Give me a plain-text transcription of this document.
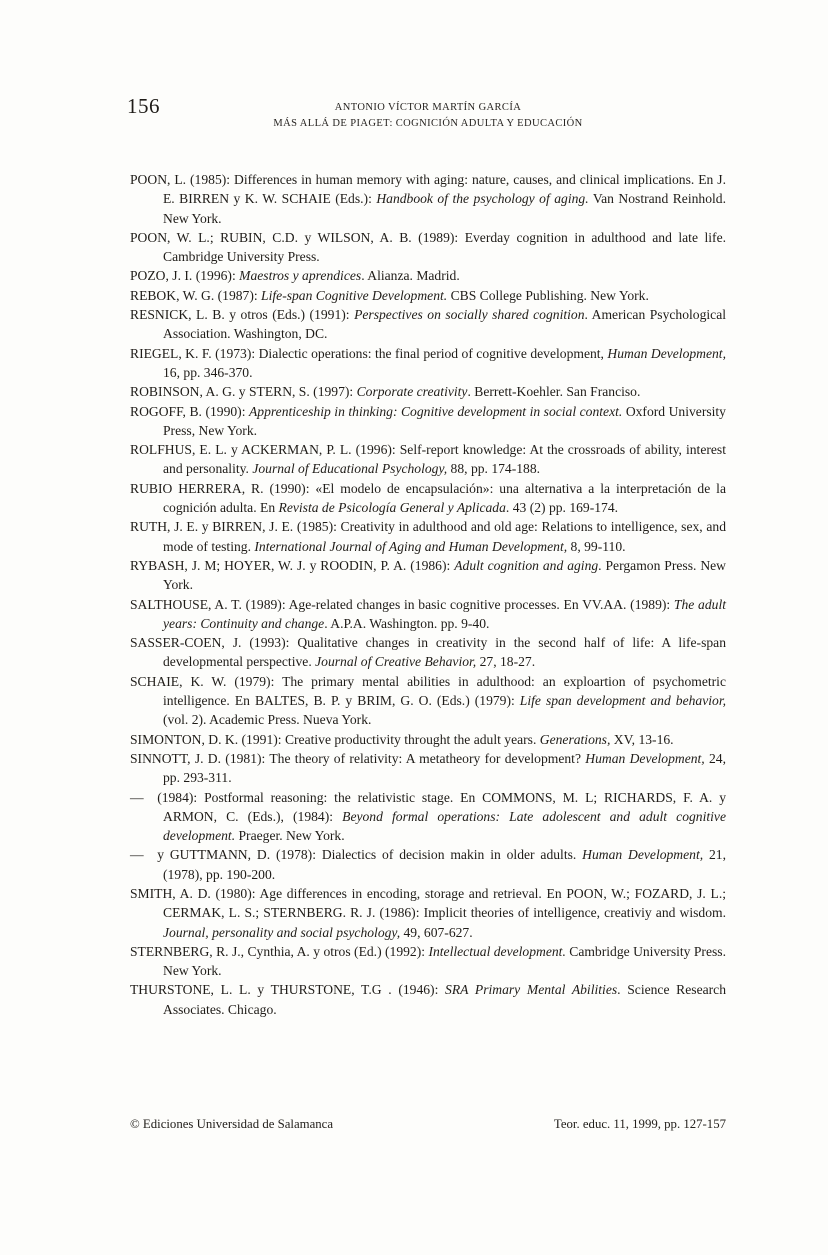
156	ANTONIO VÍCTOR MARTÍN GARCÍA
MÁS ALLÁ DE PIAGET: COGNICIÓN ADULTA Y EDUCACIÓN

POON, L. (1985): Differences in human memory with aging: nature, causes, and clinical implications. En J. E. BIRREN y K. W. SCHAIE (Eds.): Handbook of the psychology of aging. Van Nostrand Reinhold. New York.

POON, W. L.; RUBIN, C.D. y WILSON, A. B. (1989): Everday cognition in adulthood and late life. Cambridge University Press.

POZO, J. I. (1996): Maestros y aprendices. Alianza. Madrid.

REBOK, W. G. (1987): Life-span Cognitive Development. CBS College Publishing. New York.

RESNICK, L. B. y otros (Eds.) (1991): Perspectives on socially shared cognition. American Psychological Association. Washington, DC.

RIEGEL, K. F. (1973): Dialectic operations: the final period of cognitive development, Human Development, 16, pp. 346-370.

ROBINSON, A. G. y STERN, S. (1997): Corporate creativity. Berrett-Koehler. San Franciso.

ROGOFF, B. (1990): Apprenticeship in thinking: Cognitive development in social context. Oxford University Press, New York.

ROLFHUS, E. L. y ACKERMAN, P. L. (1996): Self-report knowledge: At the crossroads of ability, interest and personality. Journal of Educational Psychology, 88, pp. 174-188.

RUBIO HERRERA, R. (1990): «El modelo de encapsulación»: una alternativa a la interpretación de la cognición adulta. En Revista de Psicología General y Aplicada. 43 (2) pp. 169-174.

RUTH, J. E. y BIRREN, J. E. (1985): Creativity in adulthood and old age: Relations to intelligence, sex, and mode of testing. International Journal of Aging and Human Development, 8, 99-110.

RYBASH, J. M; HOYER, W. J. y ROODIN, P. A. (1986): Adult cognition and aging. Pergamon Press. New York.

SALTHOUSE, A. T. (1989): Age-related changes in basic cognitive processes. En VV.AA. (1989): The adult years: Continuity and change. A.P.A. Washington. pp. 9-40.

SASSER-COEN, J. (1993): Qualitative changes in creativity in the second half of life: A life-span developmental perspective. Journal of Creative Behavior, 27, 18-27.

SCHAIE, K. W. (1979): The primary mental abilities in adulthood: an exploartion of psychometric intelligence. En BALTES, B. P. y BRIM, G. O. (Eds.) (1979): Life span development and behavior, (vol. 2). Academic Press. Nueva York.

SIMONTON, D. K. (1991): Creative productivity throught the adult years. Generations, XV, 13-16.

SINNOTT, J. D. (1981): The theory of relativity: A metatheory for development? Human Development, 24, pp. 293-311.

— (1984): Postformal reasoning: the relativistic stage. En COMMONS, M. L; RICHARDS, F. A. y ARMON, C. (Eds.), (1984): Beyond formal operations: Late adolescent and adult cognitive development. Praeger. New York.

— y GUTTMANN, D. (1978): Dialectics of decision makin in older adults. Human Development, 21, (1978), pp. 190-200.

SMITH, A. D. (1980): Age differences in encoding, storage and retrieval. En POON, W.; FOZARD, J. L.; CERMAK, L. S.; STERNBERG. R. J. (1986): Implicit theories of intelligence, creativiy and wisdom. Journal, personality and social psychology, 49, 607-627.

STERNBERG, R. J., Cynthia, A. y otros (Ed.) (1992): Intellectual development. Cambridge University Press. New York.

THURSTONE, L. L. y THURSTONE, T.G . (1946): SRA Primary Mental Abilities. Science Research Associates. Chicago.

© Ediciones Universidad de Salamanca	Teor. educ. 11, 1999, pp. 127-157
